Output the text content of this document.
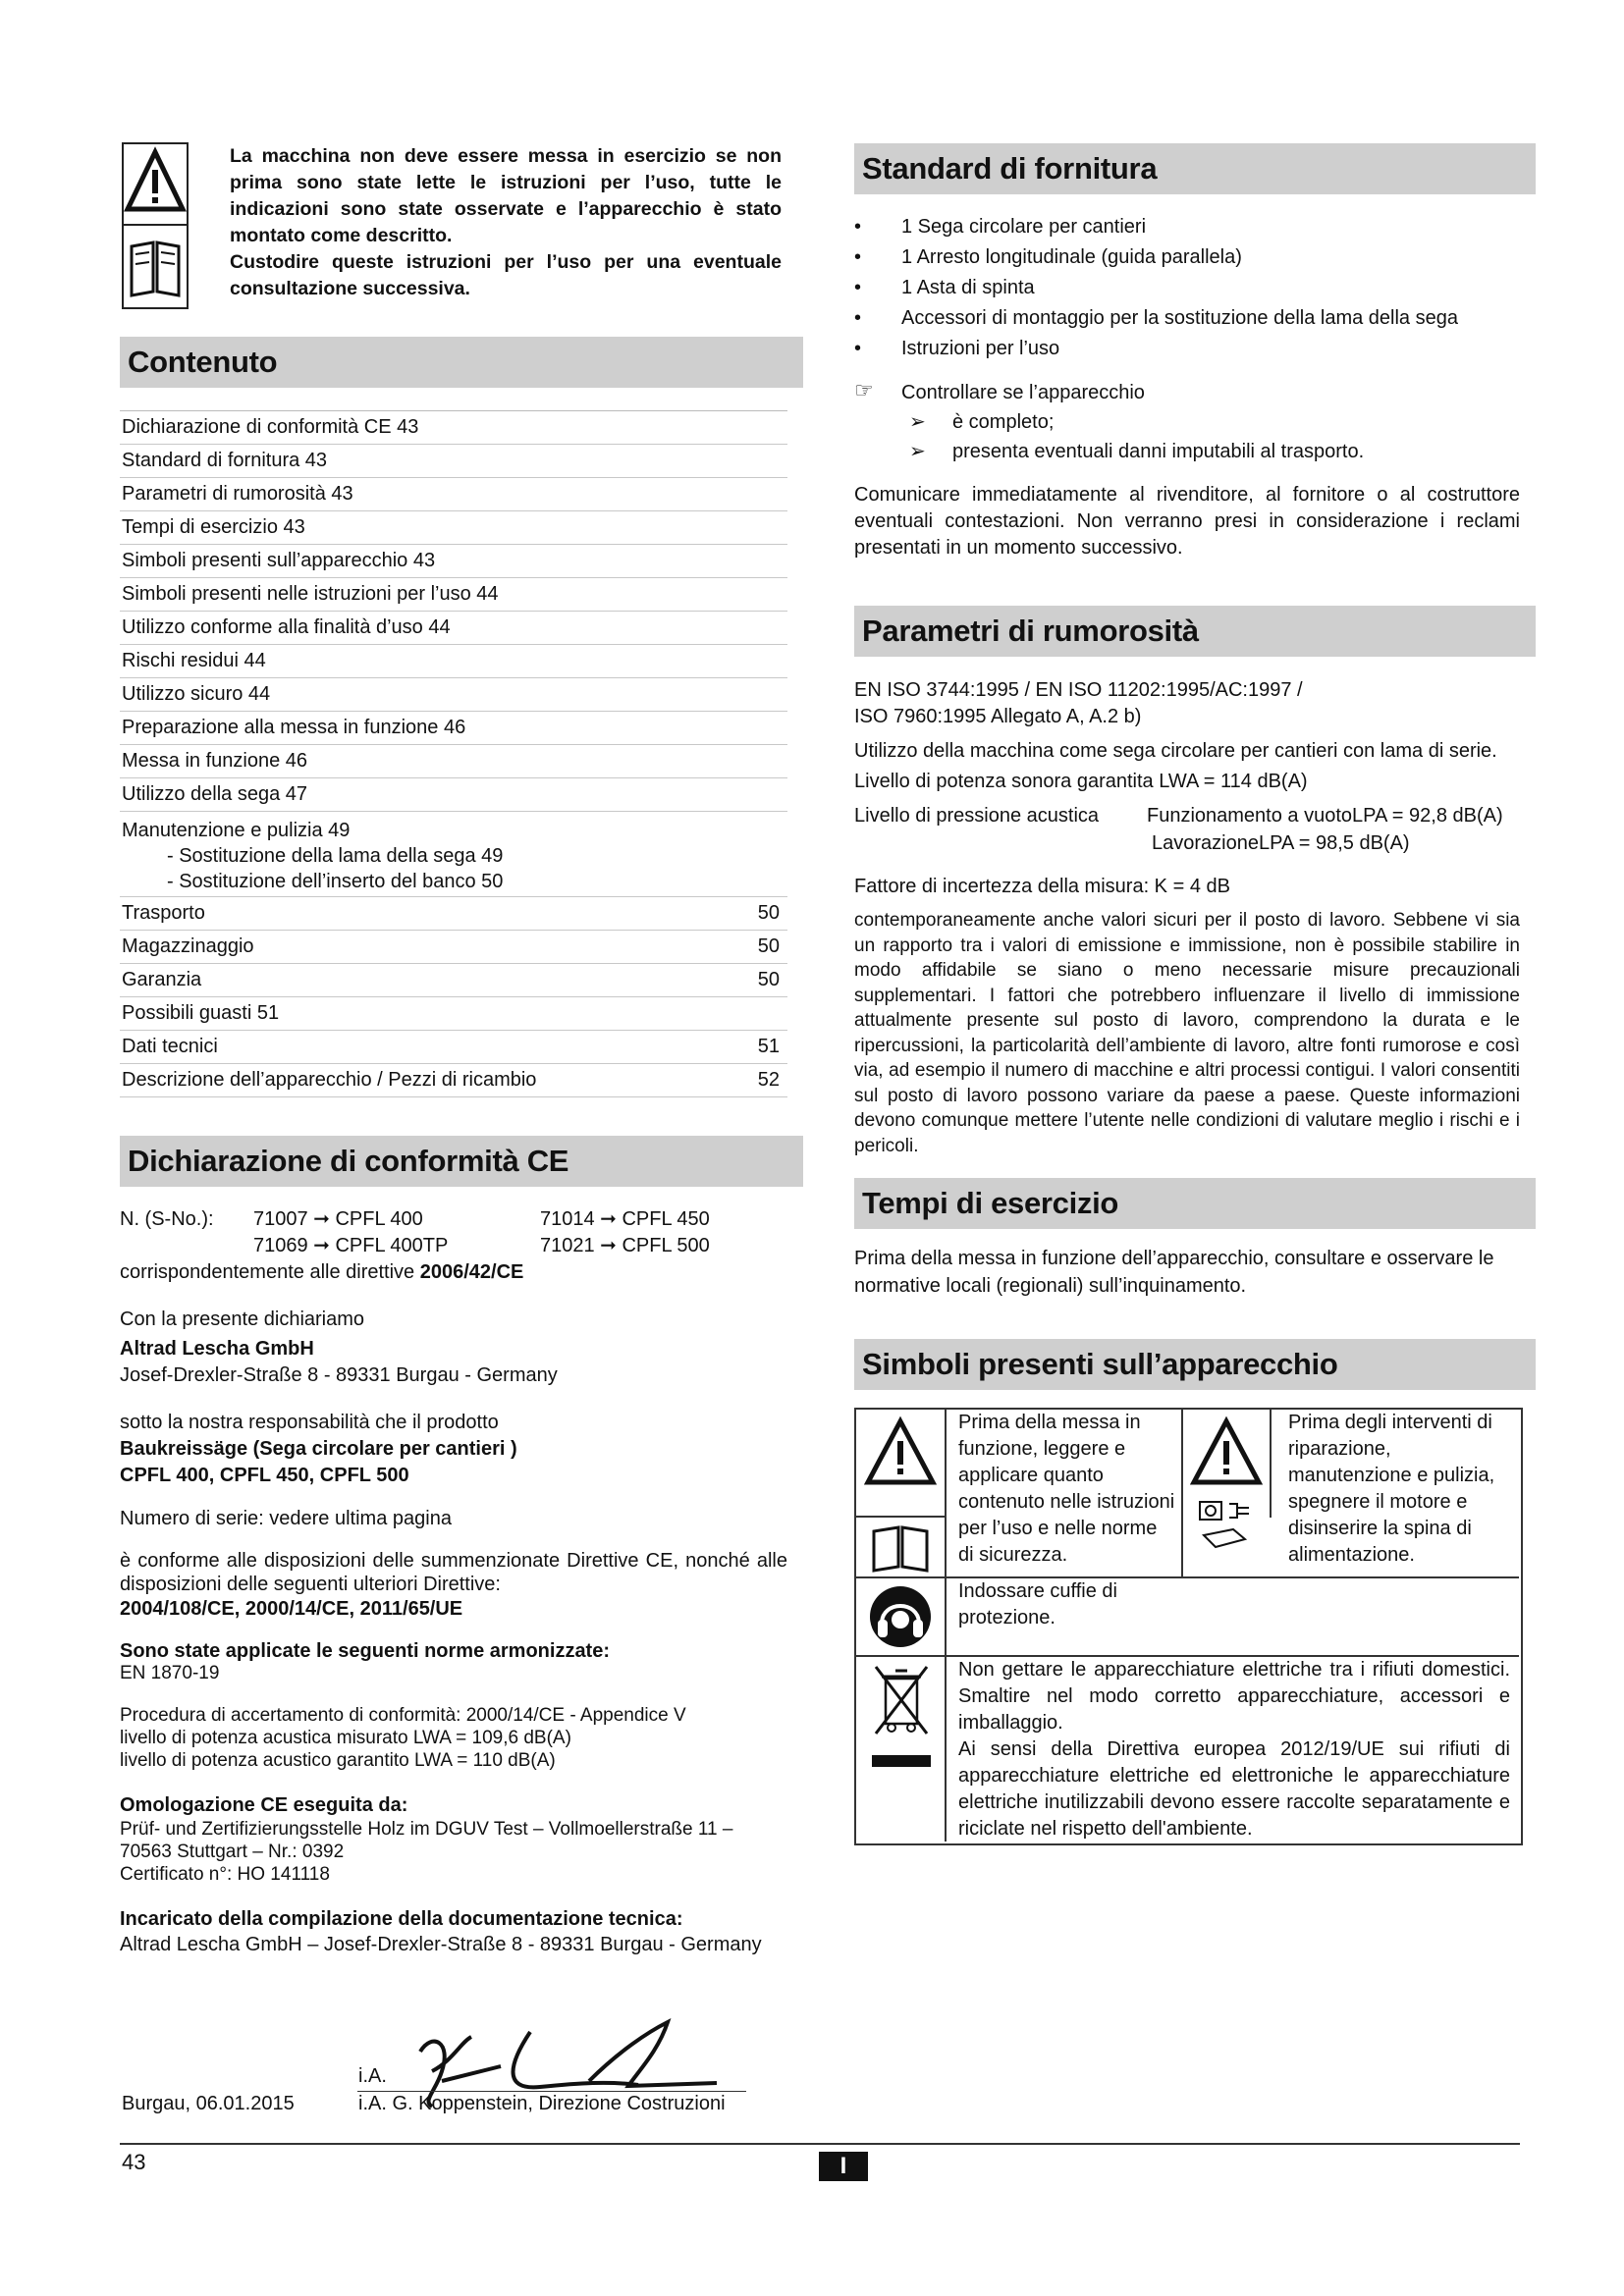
La macchina non deve essere messa in esercizio se non prima sono state lette le istruzioni per l’uso, tutte le indicazioni sono state osservate e l’apparecchio è stato montato come descritto.
Custodire queste istruzioni per l’uso per una eventuale consultazione successiva.
Contenuto
Dichiarazione di conformità CE 43
Standard di fornitura 43
Parametri di rumorosità 43
Tempi di esercizio 43
Simboli presenti sull’apparecchio 43
Simboli presenti nelle istruzioni per l’uso 44
Utilizzo conforme alla finalità d’uso 44
Rischi residui 44
Utilizzo sicuro 44
Preparazione alla messa in funzione 46
Messa in funzione 46
Utilizzo della sega 47
Manutenzione e pulizia 49
- Sostituzione della lama della sega 49
- Sostituzione dell’inserto del banco 50
Trasporto	50
Magazzinaggio	50
Garanzia	50
Possibili guasti 51
Dati tecnici	51
Descrizione dell’apparecchio / Pezzi di ricambio	52
Dichiarazione di conformità CE
N. (S-No.): 71007 ➞ CPFL 400	71014 ➞ CPFL 450
71069 ➞ CPFL 400TP	71021 ➞ CPFL 500
corrispondentemente alle direttive 2006/42/CE
Con la presente dichiariamo
Altrad Lescha GmbH
Josef-Drexler-Straße 8 - 89331 Burgau - Germany
sotto la nostra responsabilità che il prodotto
Baukreissäge (Sega circolare per cantieri )
CPFL 400, CPFL 450, CPFL 500
Numero di serie: vedere ultima pagina
è conforme alle disposizioni delle summenzionate Direttive CE, nonché alle disposizioni delle seguenti ulteriori Direttive:
2004/108/CE, 2000/14/CE, 2011/65/UE
Sono state applicate le seguenti norme armonizzate:
EN 1870-19
Procedura di accertamento di conformità: 2000/14/CE - Appendice V
livello di potenza acustica misurato LWA = 109,6 dB(A)
livello di potenza acustico garantito LWA = 110 dB(A)
Omologazione CE eseguita da:
Prüf- und Zertifizierungsstelle Holz im DGUV Test – Vollmoellerstraße 11 –
70563 Stuttgart – Nr.: 0392
Certificato n°: HO 141118
Incaricato della compilazione della documentazione tecnica:
Altrad Lescha GmbH – Josef-Drexler-Straße 8 - 89331 Burgau - Germany
i.A.
Burgau, 06.01.2015	i.A. G. Koppenstein, Direzione Costruzioni
Standard di fornitura
• 1 Sega circolare per cantieri
• 1 Arresto longitudinale (guida parallela)
• 1 Asta di spinta
• Accessori di montaggio per la sostituzione della lama della sega
• Istruzioni per l’uso
☞ Controllare se l’apparecchio
➢ è completo;
➢ presenta eventuali danni imputabili al trasporto.

Comunicare immediatamente al rivenditore, al fornitore o al costruttore eventuali contestazioni. Non verranno presi in considerazione i reclami presentati in un momento successivo.

Parametri di rumorosità
EN ISO 3744:1995 / EN ISO 11202:1995/AC:1997 /
ISO 7960:1995 Allegato A, A.2 b)
Utilizzo della macchina come sega circolare per cantieri con lama di serie.
Livello di potenza sonora garantita LWA = 114 dB(A)
Livello di pressione acustica Funzionamento a vuotoLPA = 92,8 dB(A)
LavorazioneLPA = 98,5 dB(A)
Fattore di incertezza della misura: K = 4 dB

contemporaneamente anche valori sicuri per il posto di lavoro. Sebbene vi sia un rapporto tra i valori di emissione e immissione, non è possibile stabilire in modo affidabile se siano o meno necessarie misure precauzionali supplementari. I fattori che potrebbero influenzare il livello di immissione attualmente presente sul posto di lavoro, comprendono la durata e le ripercussioni, la particolarità dell’ambiente di lavoro, altre fonti rumorose e così via, ad esempio il numero di macchine e altri processi contigui. I valori consentiti sul posto di lavoro possono variare da paese a paese. Queste informazioni devono comunque mettere l’utente nelle condizioni di valutare meglio i rischi e i pericoli.

Tempi di esercizio

Prima della messa in funzione dell’apparecchio, consultare e osservare le normative locali (regionali) sull’inquinamento.

Simboli presenti sull’apparecchio
Prima della messa in funzione, leggere e applicare quanto contenuto nelle istruzioni per l’uso e nelle norme di sicurezza.
Prima degli interventi di riparazione, manutenzione e pulizia, spegnere il motore e disinserire la spina di alimentazione.
Indossare cuffie di protezione.
Non gettare le apparecchiature elettriche tra i rifiuti domestici. Smaltire nel modo corretto apparecchiature, accessori e imballaggio.
Ai sensi della Direttiva europea 2012/19/UE sui rifiuti di apparecchiature elettriche ed elettroniche le apparecchiature elettriche inutilizzabili devono essere raccolte separatamente e riciclate nel rispetto dell'ambiente.
43	I
